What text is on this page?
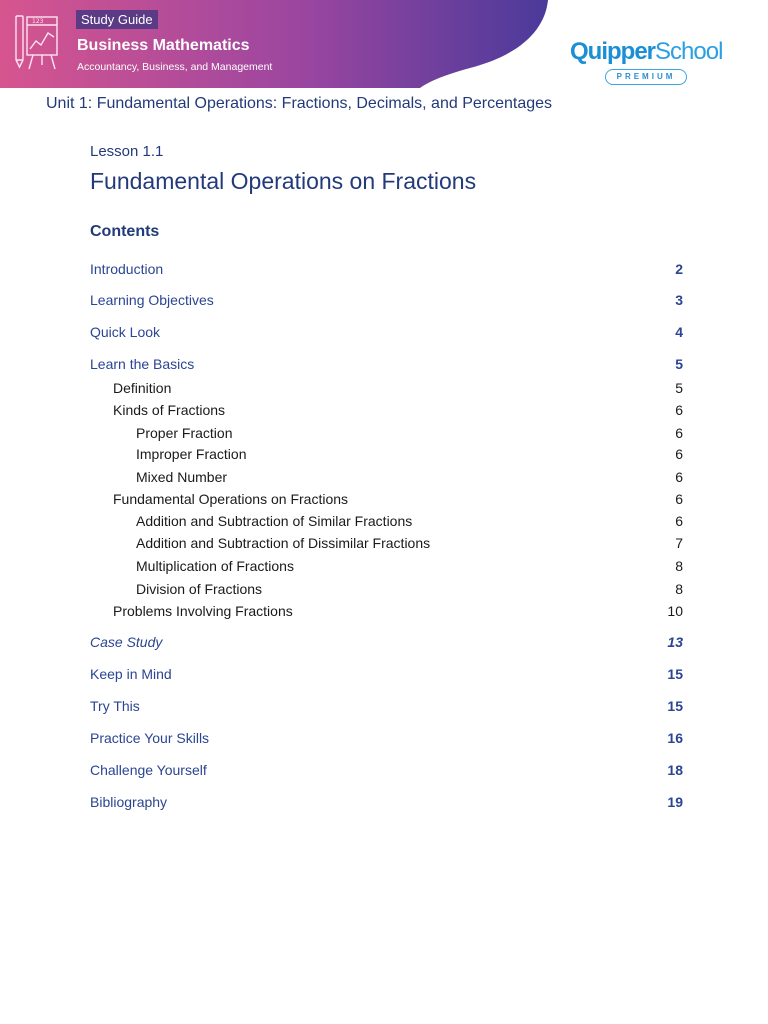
123	Study Guide
Business Mathematics
Accountancy, Business, and Management
QuipperSchool
PREMIUM
Unit 1: Fundamental Operations: Fractions, Decimals, and Percentages
Lesson 1.1
Fundamental Operations on Fractions
Contents
Introduction	2
Learning Objectives	3
Quick Look	4
Learn the Basics	5
Definition	5
Kinds of Fractions	6
Proper Fraction	6
Improper Fraction	6
Mixed Number	6
Fundamental Operations on Fractions	6
Addition and Subtraction of Similar Fractions	6
Addition and Subtraction of Dissimilar Fractions	7
Multiplication of Fractions	8
Division of Fractions	8
Problems Involving Fractions	10
Case Study	13
Keep in Mind	15
Try This	15
Practice Your Skills	16
Challenge Yourself	18
Bibliography	19
